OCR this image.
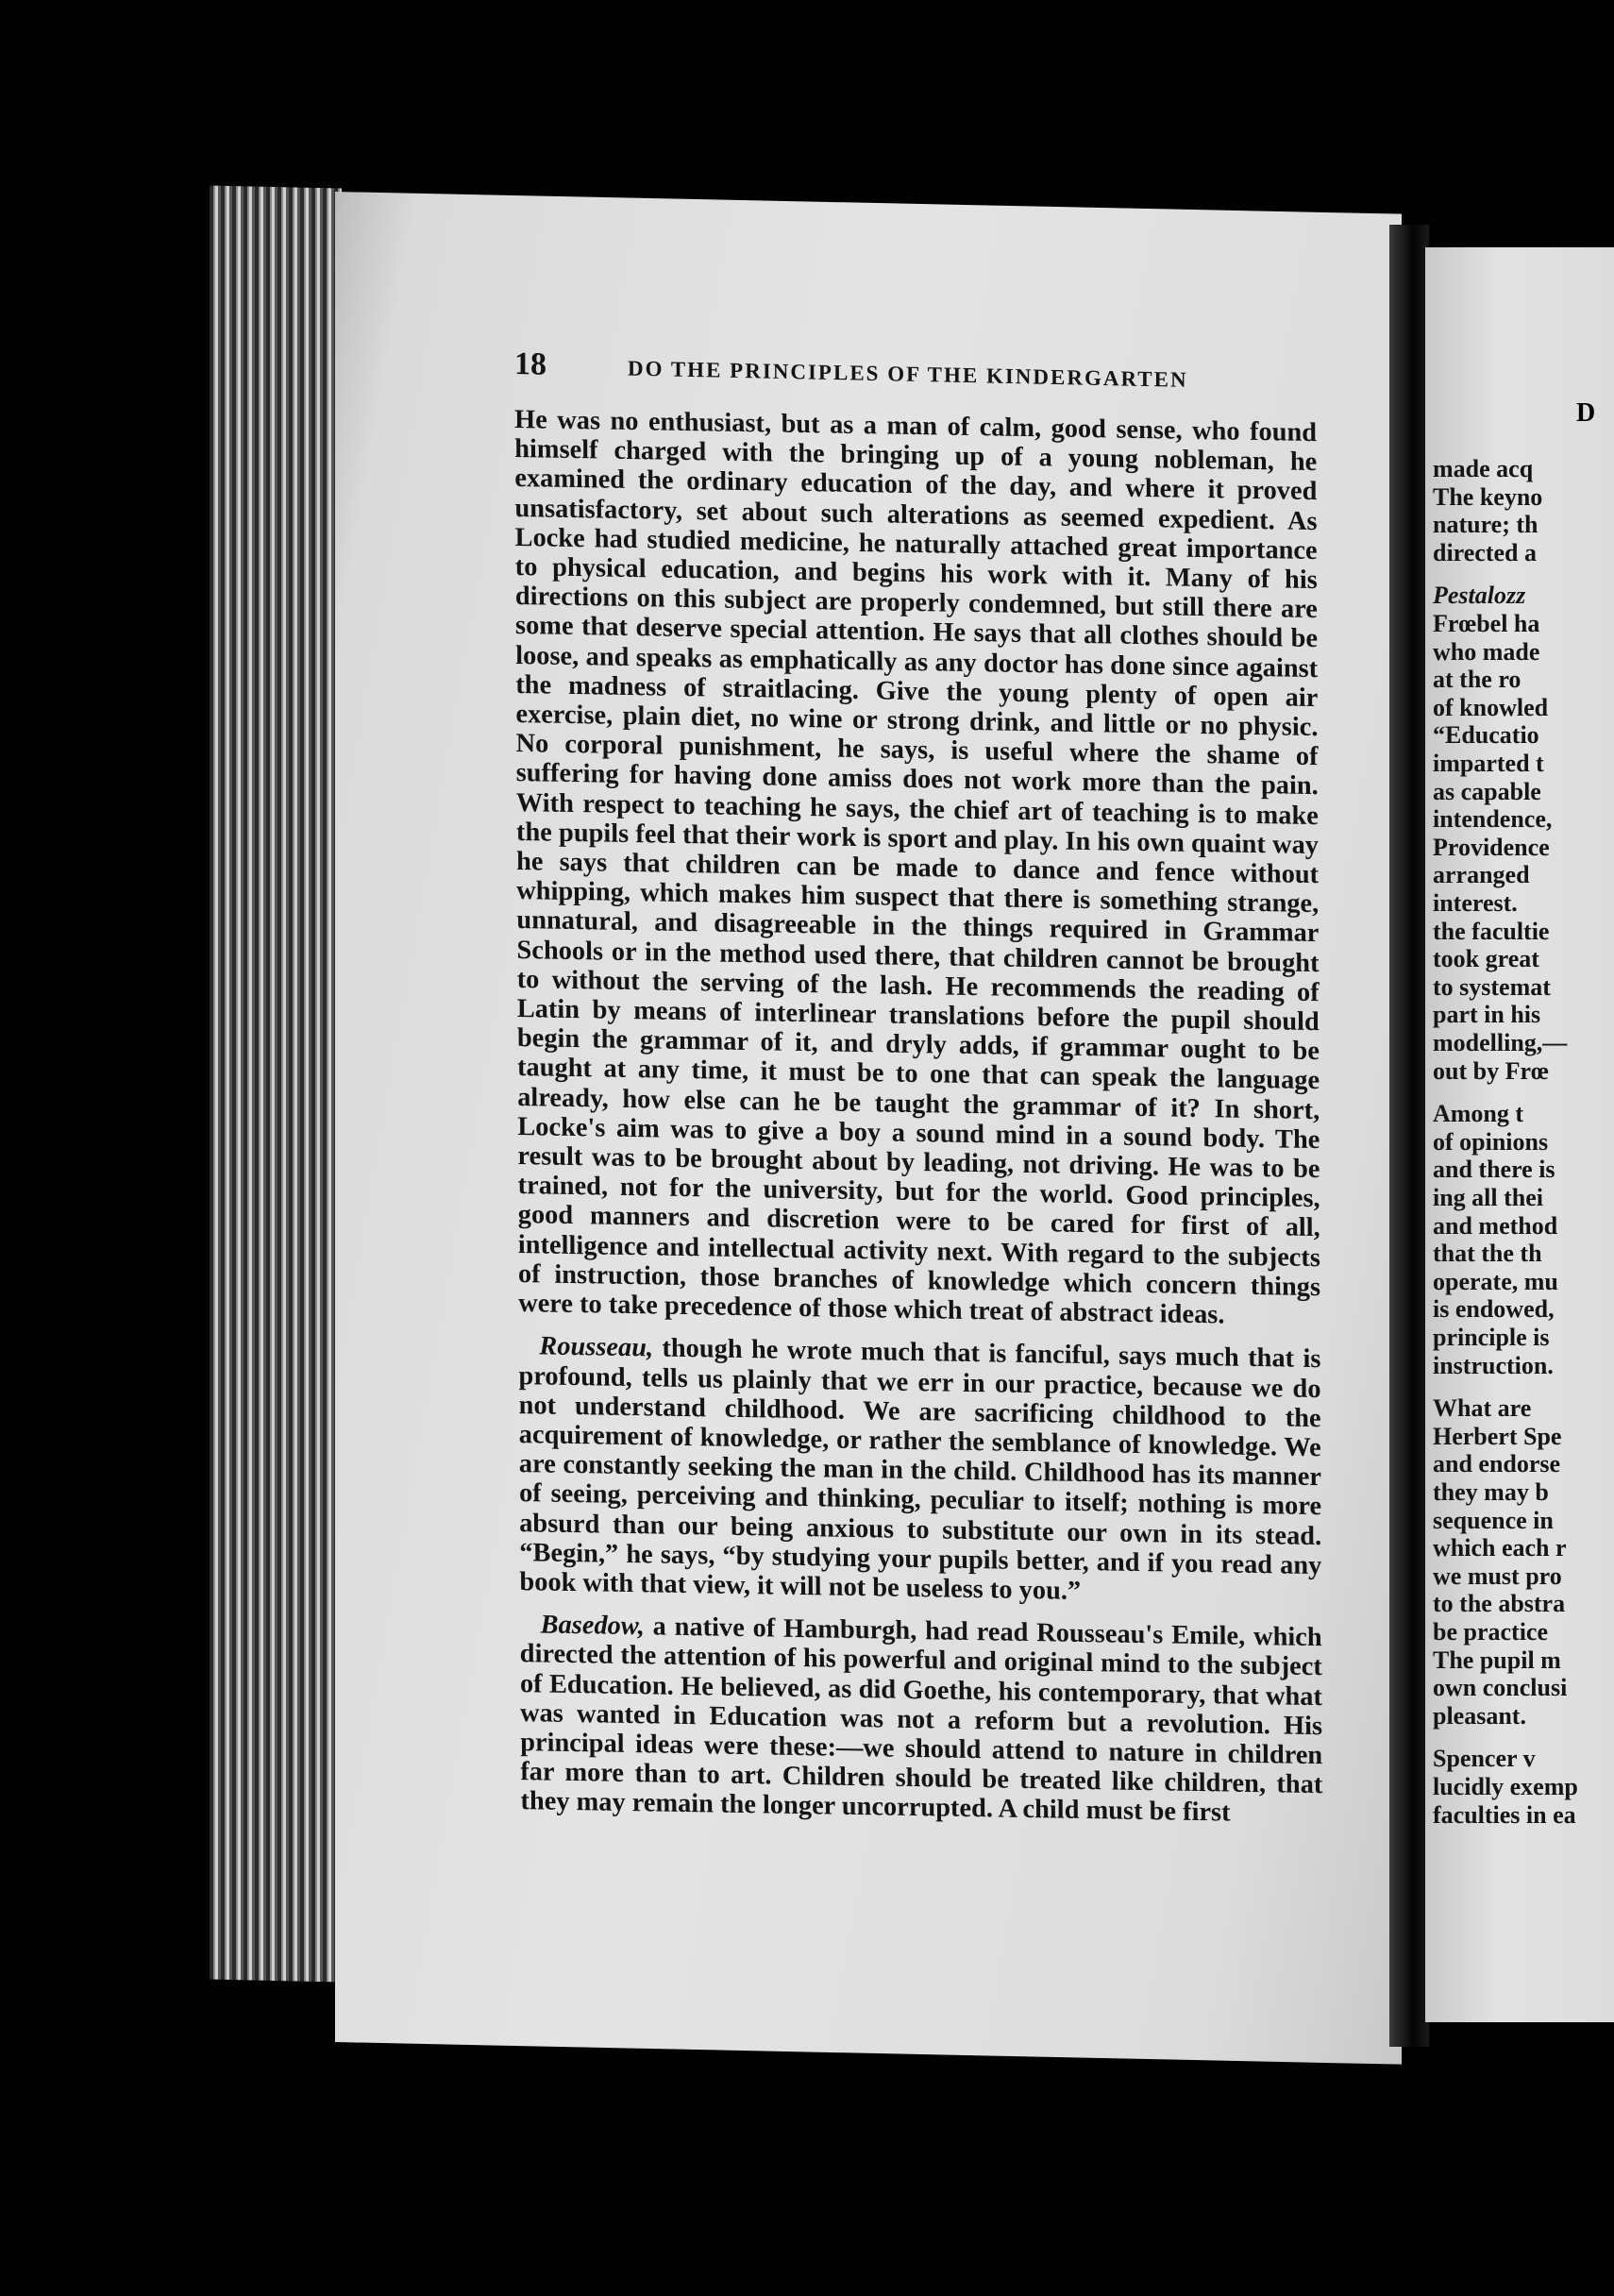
18	DO THE PRINCIPLES OF THE KINDERGARTEN

He was no enthusiast, but as a man of calm, good sense, who found himself charged with the bringing up of a young nobleman, he examined the ordinary education of the day, and where it proved unsatisfactory, set about such alterations as seemed expedient. As Locke had studied medicine, he naturally attached great importance to physical education, and begins his work with it. Many of his directions on this subject are properly condemned, but still there are some that deserve special attention. He says that all clothes should be loose, and speaks as emphatically as any doctor has done since against the madness of straitlacing. Give the young plenty of open air exercise, plain diet, no wine or strong drink, and little or no physic. No corporal punishment, he says, is useful where the shame of suffering for having done amiss does not work more than the pain. With respect to teaching he says, the chief art of teaching is to make the pupils feel that their work is sport and play. In his own quaint way he says that children can be made to dance and fence without whipping, which makes him suspect that there is something strange, unnatural, and disagreeable in the things required in Grammar Schools or in the method used there, that children cannot be brought to without the serving of the lash. He recommends the reading of Latin by means of interlinear translations before the pupil should begin the grammar of it, and dryly adds, if grammar ought to be taught at any time, it must be to one that can speak the language already, how else can he be taught the grammar of it? In short, Locke's aim was to give a boy a sound mind in a sound body. The result was to be brought about by leading, not driving. He was to be trained, not for the university, but for the world. Good principles, good manners and discretion were to be cared for first of all, intelligence and intellectual activity next. With regard to the subjects of instruction, those branches of knowledge which concern things were to take precedence of those which treat of abstract ideas.

Rousseau, though he wrote much that is fanciful, says much that is profound, tells us plainly that we err in our practice, because we do not understand childhood. We are sacrificing childhood to the acquirement of knowledge, or rather the semblance of knowledge. We are constantly seeking the man in the child. Childhood has its manner of seeing, perceiving and thinking, peculiar to itself; nothing is more absurd than our being anxious to substitute our own in its stead. “Begin,” he says, “by studying your pupils better, and if you read any book with that view, it will not be useless to you.”

Basedow, a native of Hamburgh, had read Rousseau's Emile, which directed the attention of his powerful and original mind to the subject of Education. He believed, as did Goethe, his contemporary, that what was wanted in Education was not a reform but a revolution. His principal ideas were these:—we should attend to nature in children far more than to art. Children should be treated like children, that they may remain the longer uncorrupted. A child must be first

D
made acq
The keyno
nature; th
directed a
Pestalozz
Frœbel ha
who made
at the ro
of knowled
“Educatio
imparted t
as capable
intendence,
Providence
arranged
interest.
the facultie
took great
to systemat
part in his
modelling,—
out by Frœ
Among t
of opinions
and there is
ing all thei
and method
that the th
operate, mu
is endowed,
principle is
instruction.
What are
Herbert Spe
and endorse
they may b
sequence in
which each r
we must pro
to the abstra
be practice
The pupil m
own conclusi
pleasant.
Spencer v
lucidly exemp
faculties in ea
